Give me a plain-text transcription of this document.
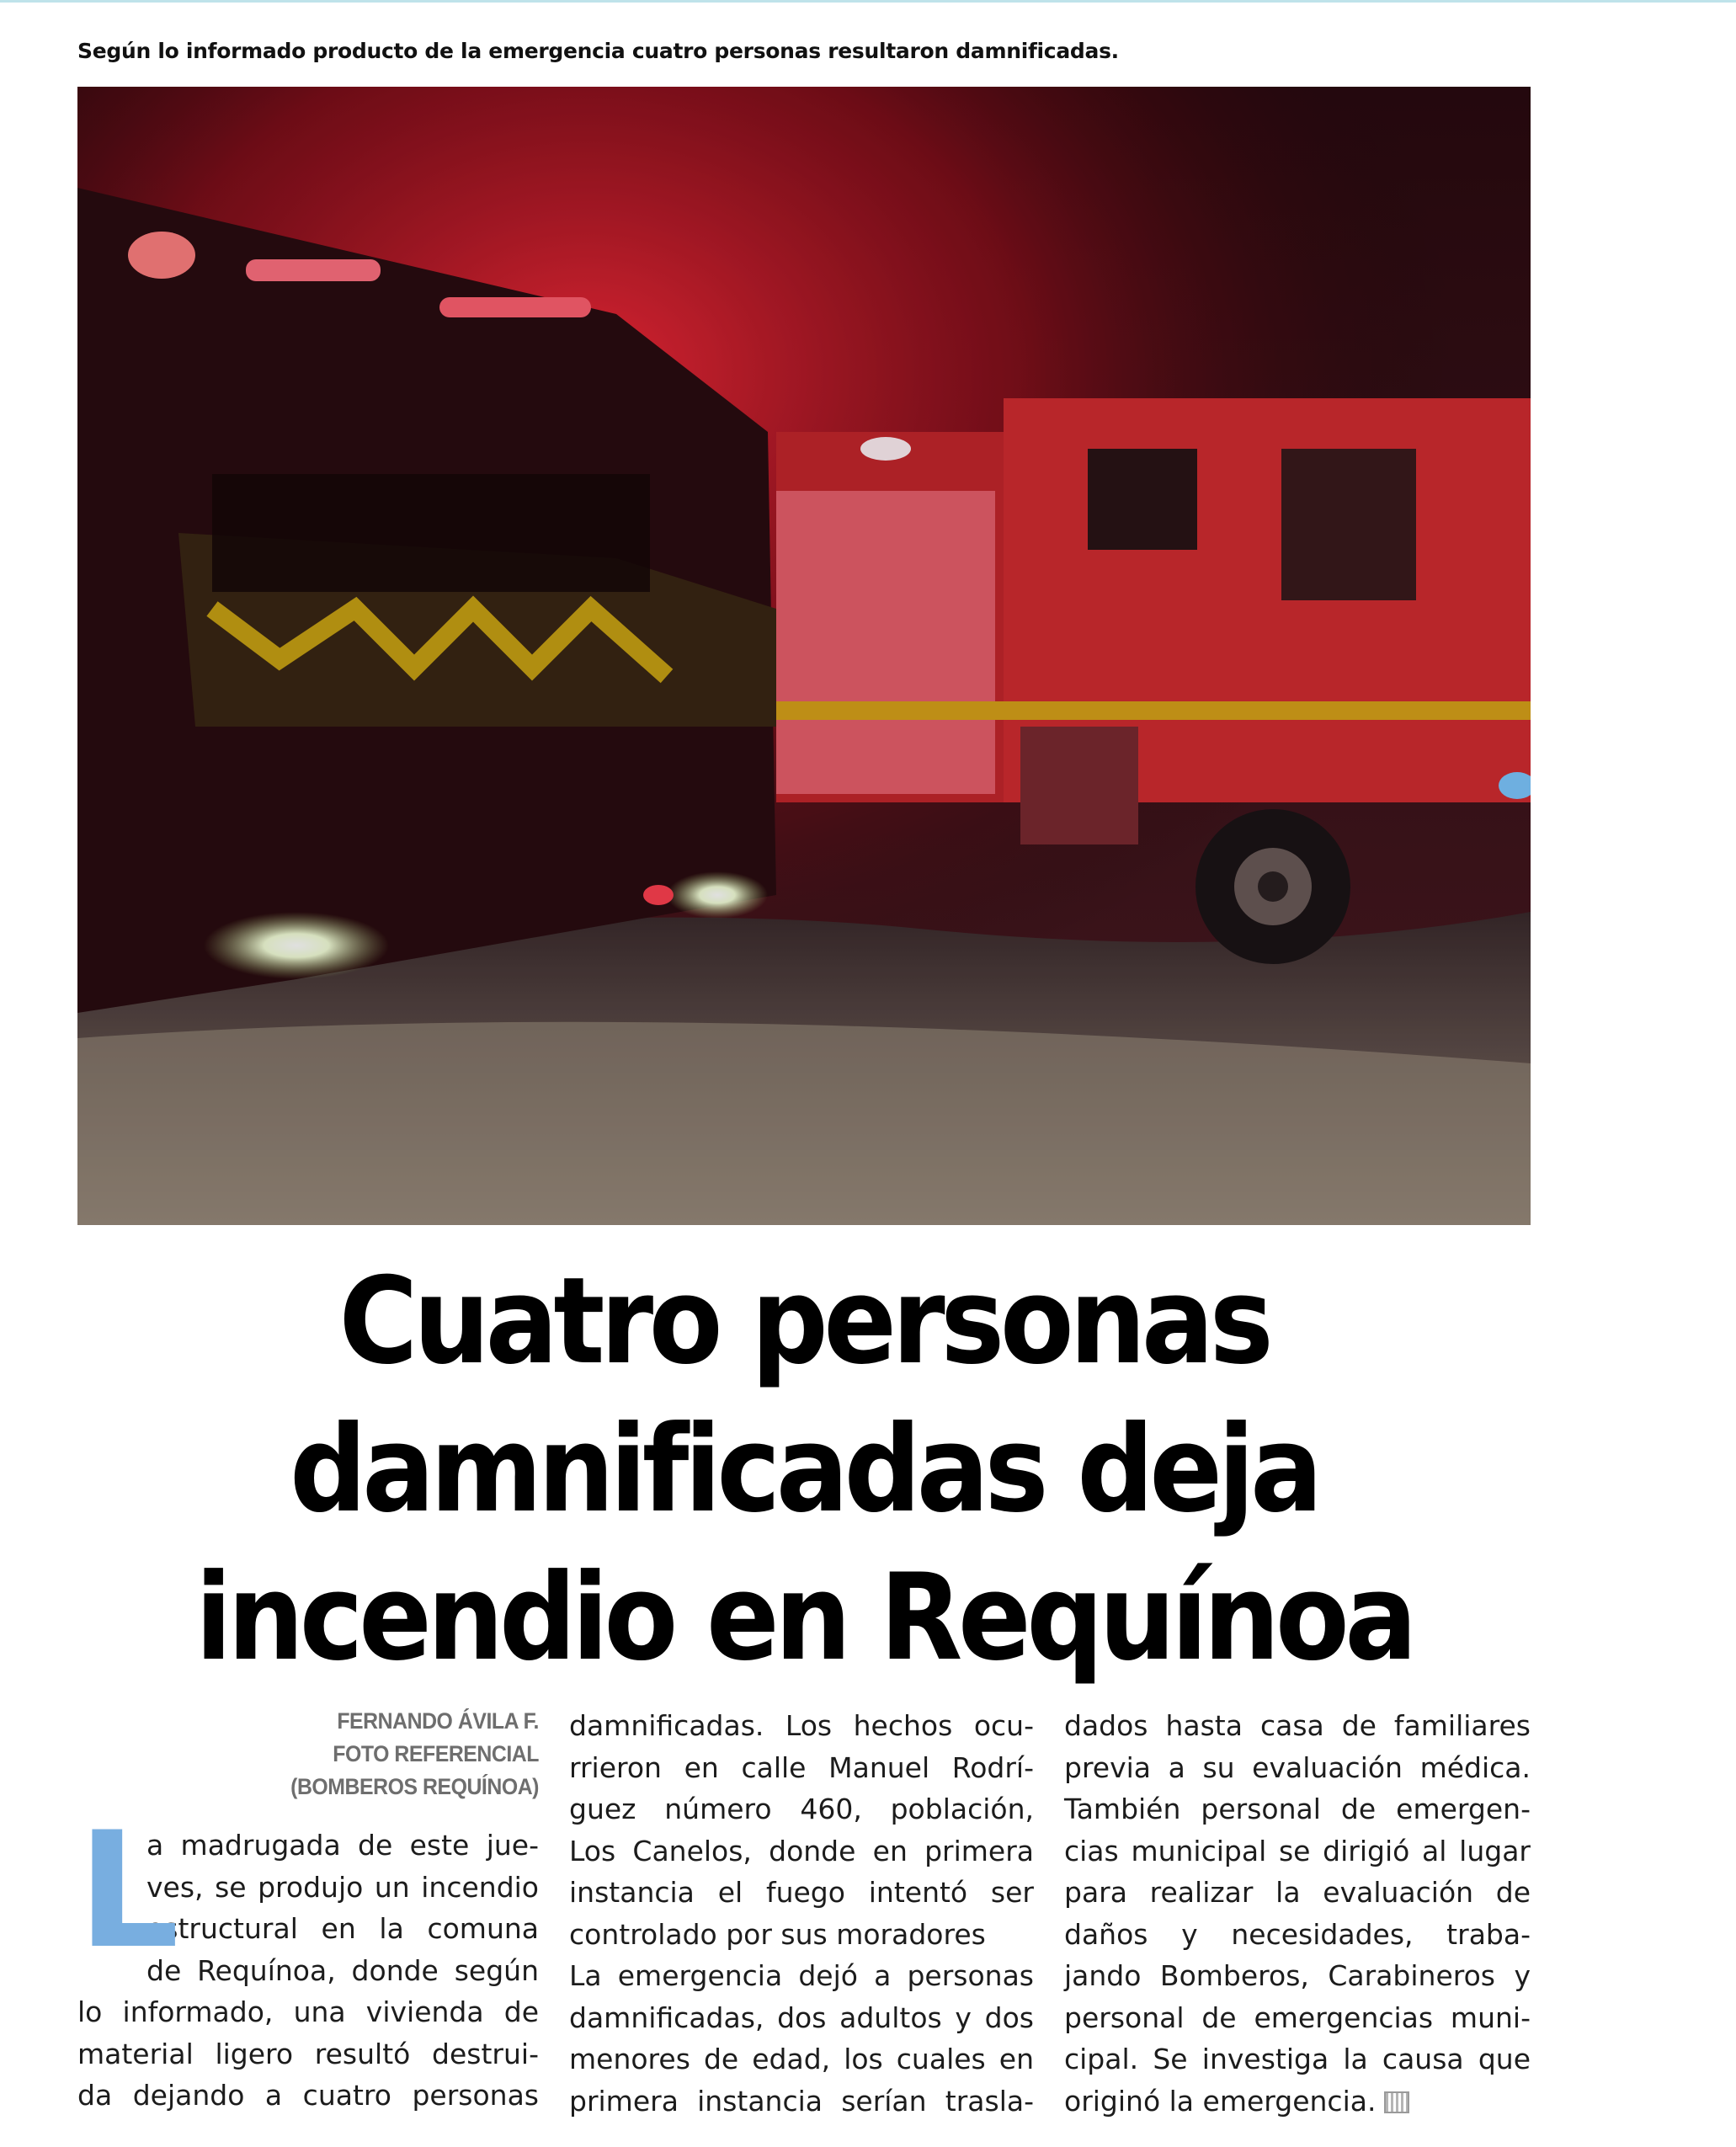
Según lo informado producto de la emergencia cuatro personas resultaron damnificadas.
Cuatro personas
damnificadas deja
incendio en Requínoa
FERNANDO ÁVILA F.
FOTO REFERENCIAL
(BOMBEROS REQUÍNOA)
L
a madrugada de este jue-
ves, se produjo un incendio
estructural en la comuna
de Requínoa, donde según
lo informado, una vivienda de
material ligero resultó destrui-
da dejando a cuatro personas
damnificadas. Los hechos ocu-
rrieron en calle Manuel Rodrí-
guez número 460, población,
Los Canelos, donde en primera
instancia el fuego intentó ser
controlado por sus moradores
La emergencia dejó a personas
damnificadas, dos adultos y dos
menores de edad, los cuales en
primera instancia serían trasla-
dados hasta casa de familiares
previa a su evaluación médica.
También personal de emergen-
cias municipal se dirigió al lugar
para realizar la evaluación de
daños y necesidades, traba-
jando Bomberos, Carabineros y
personal de emergencias muni-
cipal. Se investiga la causa que
originó la emergencia.
